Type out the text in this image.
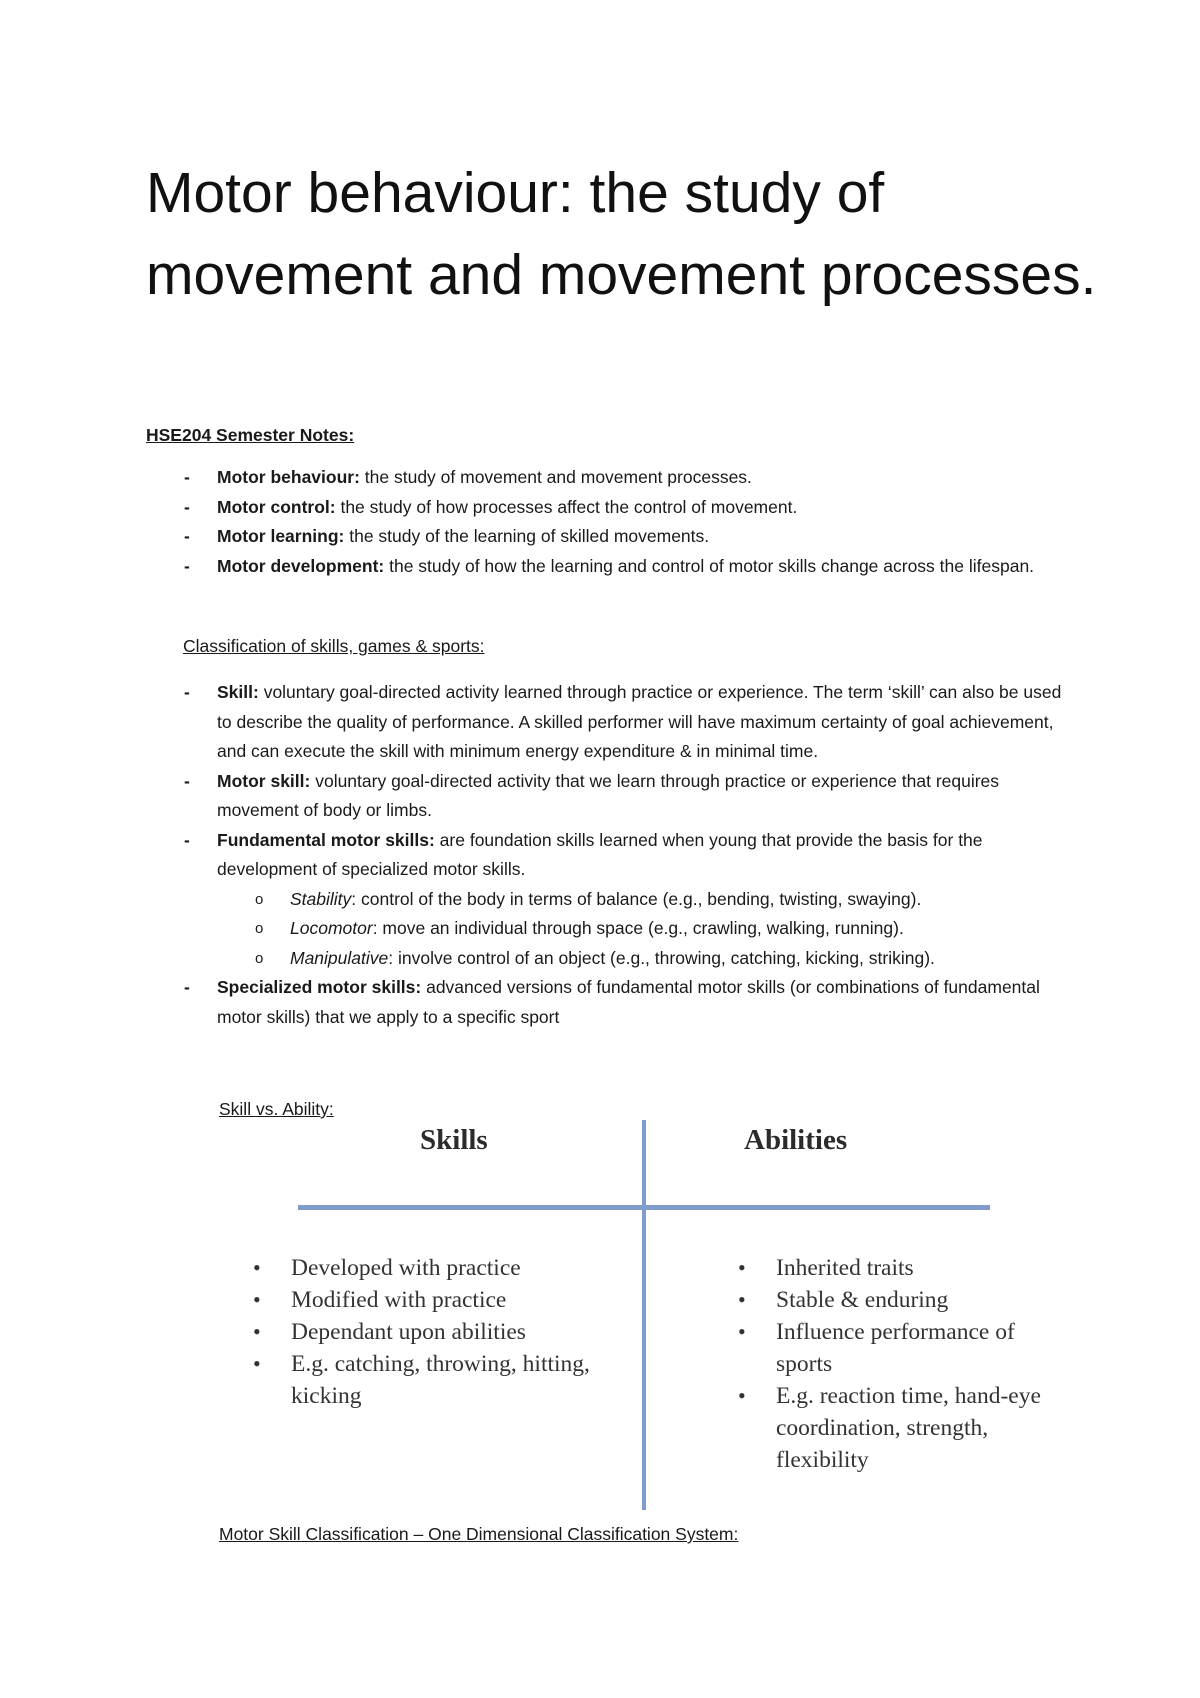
Motor behaviour: the study of movement and movement processes.
HSE204 Semester Notes:
- Motor behaviour: the study of movement and movement processes.
- Motor control: the study of how processes affect the control of movement.
- Motor learning: the study of the learning of skilled movements.
- Motor development: the study of how the learning and control of motor skills change across the lifespan.
Classification of skills, games & sports:
- Skill: voluntary goal-directed activity learned through practice or experience. The term ‘skill’ can also be used to describe the quality of performance. A skilled performer will have maximum certainty of goal achievement, and can execute the skill with minimum energy expenditure & in minimal time.
- Motor skill: voluntary goal-directed activity that we learn through practice or experience that requires movement of body or limbs.
- Fundamental motor skills: are foundation skills learned when young that provide the basis for the development of specialized motor skills.
o Stability: control of the body in terms of balance (e.g., bending, twisting, swaying).
o Locomotor: move an individual through space (e.g., crawling, walking, running).
o Manipulative: involve control of an object (e.g., throwing, catching, kicking, striking).
- Specialized motor skills: advanced versions of fundamental motor skills (or combinations of fundamental motor skills) that we apply to a specific sport
Skill vs. Ability:
Skills	Abilities
• Developed with practice
• Modified with practice
• Dependant upon abilities
• E.g. catching, throwing, hitting, kicking
• Inherited traits
• Stable & enduring
• Influence performance of sports
• E.g. reaction time, hand-eye coordination, strength, flexibility
Motor Skill Classification – One Dimensional Classification System:
